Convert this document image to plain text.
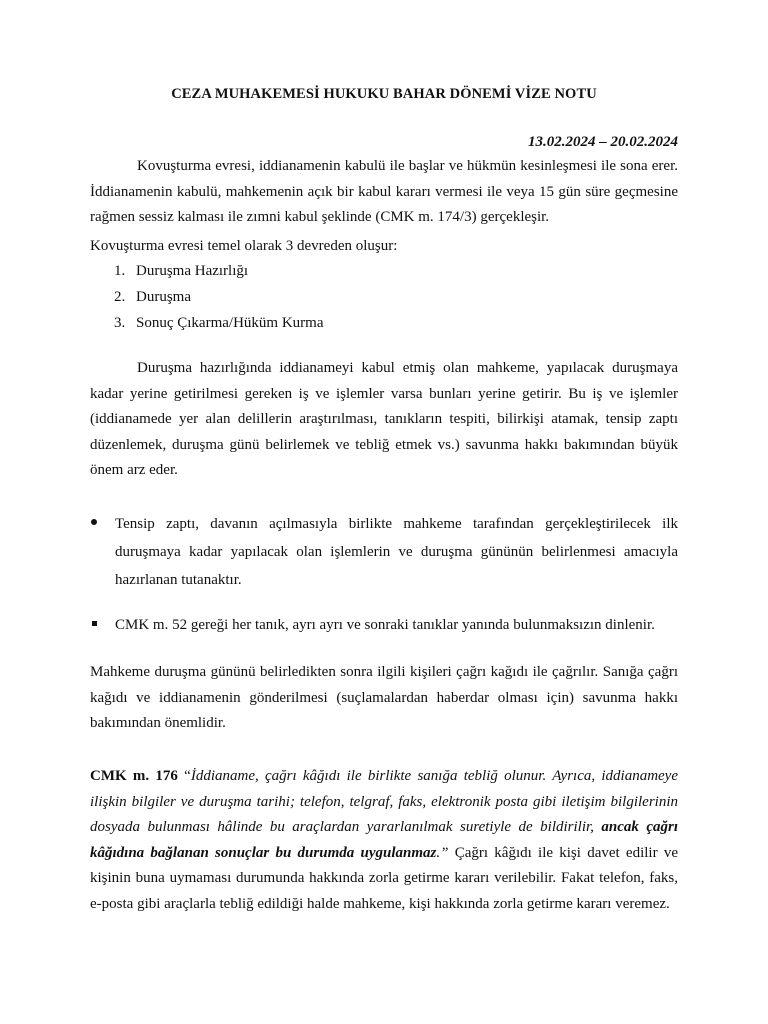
CEZA MUHAKEMESİ HUKUKU BAHAR DÖNEMİ VİZE NOTU
13.02.2024 – 20.02.2024
Kovuşturma evresi, iddianamenin kabulü ile başlar ve hükmün kesinleşmesi ile sona erer. İddianamenin kabulü, mahkemenin açık bir kabul kararı vermesi ile veya 15 gün süre geçmesine rağmen sessiz kalması ile zımni kabul şeklinde (CMK m. 174/3) gerçekleşir.
Kovuşturma evresi temel olarak 3 devreden oluşur:
1. Duruşma Hazırlığı
2. Duruşma
3. Sonuç Çıkarma/Hüküm Kurma
Duruşma hazırlığında iddianameyi kabul etmiş olan mahkeme, yapılacak duruşmaya kadar yerine getirilmesi gereken iş ve işlemler varsa bunları yerine getirir. Bu iş ve işlemler (iddianamede yer alan delillerin araştırılması, tanıkların tespiti, bilirkişi atamak, tensip zaptı düzenlemek, duruşma günü belirlemek ve tebliğ etmek vs.) savunma hakkı bakımından büyük önem arz eder.
Tensip zaptı, davanın açılmasıyla birlikte mahkeme tarafından gerçekleştirilecek ilk duruşmaya kadar yapılacak olan işlemlerin ve duruşma gününün belirlenmesi amacıyla hazırlanan tutanaktır.
CMK m. 52 gereği her tanık, ayrı ayrı ve sonraki tanıklar yanında bulunmaksızın dinlenir.
Mahkeme duruşma gününü belirledikten sonra ilgili kişileri çağrı kağıdı ile çağrılır. Sanığa çağrı kağıdı ve iddianamenin gönderilmesi (suçlamalardan haberdar olması için) savunma hakkı bakımından önemlidir.
CMK m. 176 “İddianame, çağrı kâğıdı ile birlikte sanığa tebliğ olunur. Ayrıca, iddianameye ilişkin bilgiler ve duruşma tarihi; telefon, telgraf, faks, elektronik posta gibi iletişim bilgilerinin dosyada bulunması hâlinde bu araçlardan yararlanılmak suretiyle de bildirilir, ancak çağrı kâğıdına bağlanan sonuçlar bu durumda uygulanmaz.” Çağrı kâğıdı ile kişi davet edilir ve kişinin buna uymaması durumunda hakkında zorla getirme kararı verilebilir. Fakat telefon, faks, e-posta gibi araçlarla tebliğ edildiği halde mahkeme, kişi hakkında zorla getirme kararı veremez.
